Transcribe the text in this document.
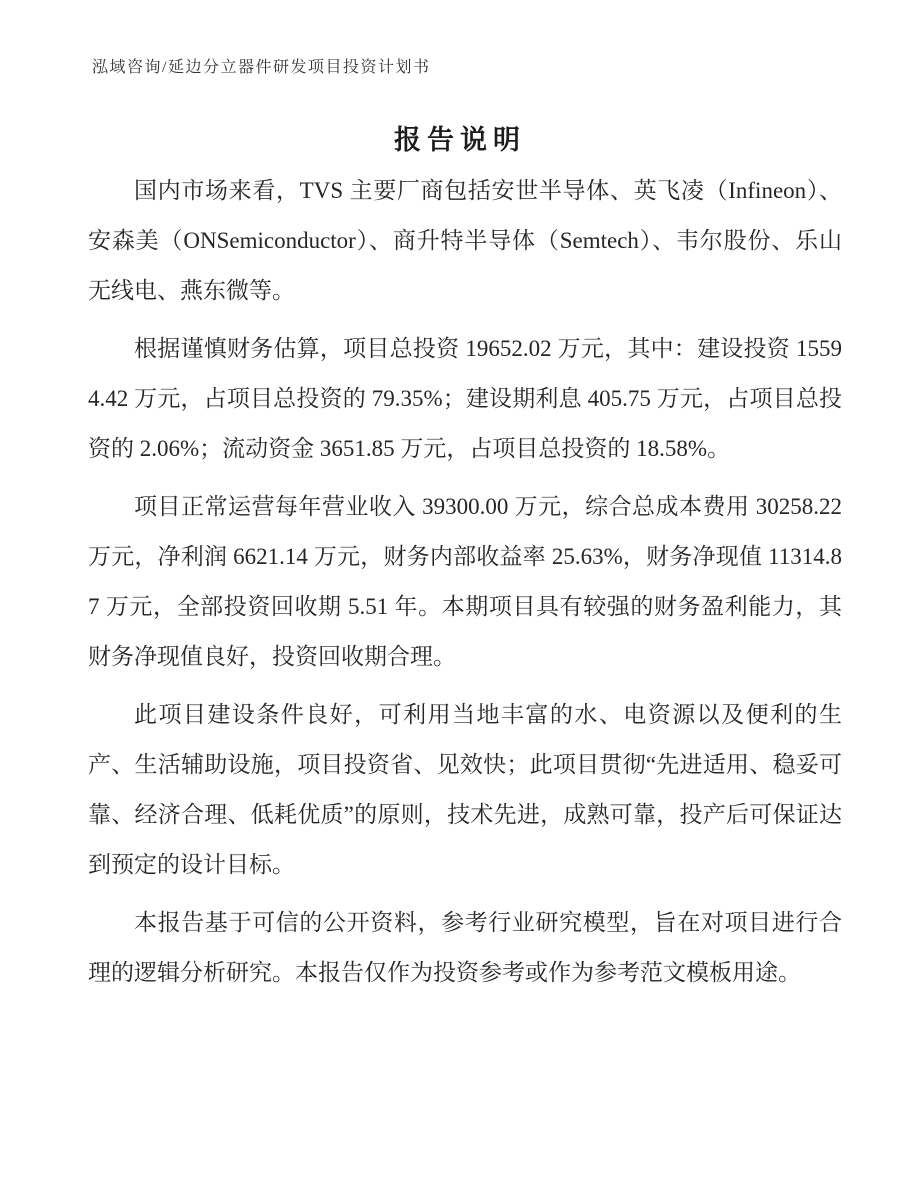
泓域咨询/延边分立器件研发项目投资计划书
报告说明

国内市场来看，TVS 主要厂商包括安世半导体、英飞凌（Infineon）、安森美（ONSemiconductor）、商升特半导体（Semtech）、韦尔股份、乐山无线电、燕东微等。

根据谨慎财务估算，项目总投资 19652.02 万元，其中：建设投资 15594.42 万元，占项目总投资的 79.35%；建设期利息 405.75 万元，占项目总投资的 2.06%；流动资金 3651.85 万元，占项目总投资的 18.58%。

项目正常运营每年营业收入 39300.00 万元，综合总成本费用 30258.22 万元，净利润 6621.14 万元，财务内部收益率 25.63%，财务净现值 11314.87 万元，全部投资回收期 5.51 年。本期项目具有较强的财务盈利能力，其财务净现值良好，投资回收期合理。

此项目建设条件良好，可利用当地丰富的水、电资源以及便利的生产、生活辅助设施，项目投资省、见效快；此项目贯彻“先进适用、稳妥可靠、经济合理、低耗优质”的原则，技术先进，成熟可靠，投产后可保证达到预定的设计目标。

本报告基于可信的公开资料，参考行业研究模型，旨在对项目进行合理的逻辑分析研究。本报告仅作为投资参考或作为参考范文模板用途。
